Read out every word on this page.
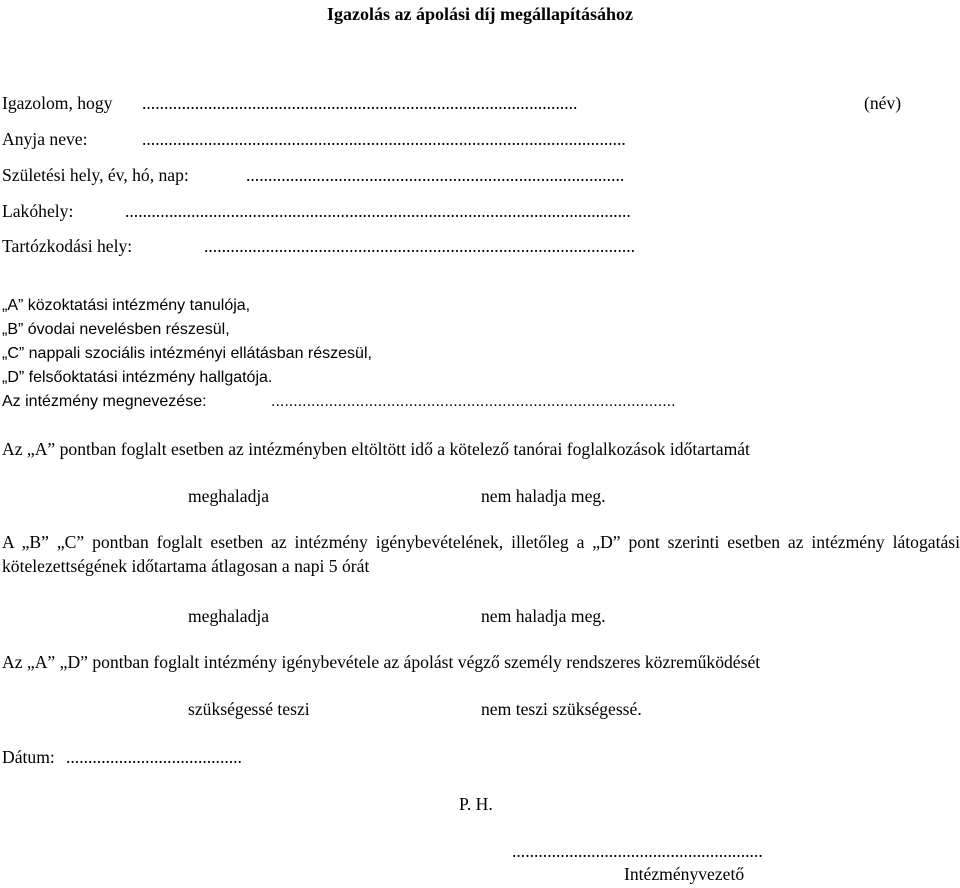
Igazolás az ápolási díj megállapításához
Igazolom, hogy ...................................................................................................	(név)
Anyja neve:	..............................................................................................................
Születési hely, év, hó, nap:	......................................................................................
Lakóhely:	...................................................................................................................
Tartózkodási hely:	..................................................................................................
„A” közoktatási intézmény tanulója,
„B” óvodai nevelésben részesül,
„C” nappali szociális intézményi ellátásban részesül,
„D” felsőoktatási intézmény hallgatója.
Az intézmény megnevezése:	...........................................................................................
Az „A” pontban foglalt esetben az intézményben eltöltött idő a kötelező tanórai foglalkozások időtartamát
meghaladja	nem haladja meg.
A „B” „C” pontban foglalt esetben az intézmény igénybevételének, illetőleg a „D” pont szerinti esetben az intézmény látogatási kötelezettségének időtartama átlagosan a napi 5 órát
meghaladja	nem haladja meg.
Az „A” „D” pontban foglalt intézmény igénybevétele az ápolást végző személy rendszeres közreműködését
szükségessé teszi	nem teszi szükségessé.
Dátum: ........................................
P. H.
.........................................................
Intézményvezető
